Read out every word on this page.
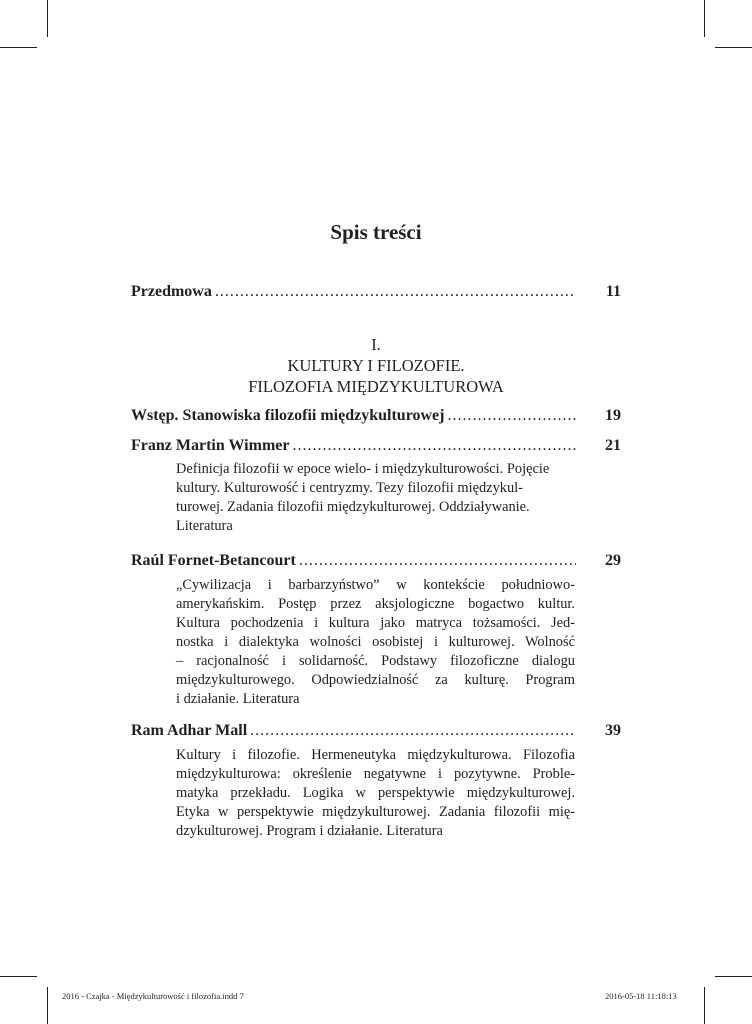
Spis treści
Przedmowa .....	11
I.
KULTURY I FILOZOFIE.
FILOZOFIA MIĘDZYKULTUROWA
Wstęp. Stanowiska filozofii międzykulturowej .....	19
Franz Martin Wimmer .....	21
Definicja filozofii w epoce wielo- i międzykulturowości. Pojęcie
kultury. Kulturowość i centryzmy. Tezy filozofii międzykul-
turowej. Zadania filozofii międzykulturowej. Oddziaływanie.
Literatura
Raúl Fornet-Betancourt .....	29
„Cywilizacja i barbarzyństwo” w kontekście południowo-
amerykańskim. Postęp przez aksjologiczne bogactwo kultur.
Kultura pochodzenia i kultura jako matryca tożsamości. Jed-
nostka i dialektyka wolności osobistej i kulturowej. Wolność
– racjonalność i solidarność. Podstawy filozoficzne dialogu
międzykulturowego. Odpowiedzialność za kulturę. Program
i działanie. Literatura
Ram Adhar Mall .....	39
Kultury i filozofie. Hermeneutyka międzykulturowa. Filozofia
międzykulturowa: określenie negatywne i pozytywne. Proble-
matyka przekładu. Logika w perspektywie międzykulturowej.
Etyka w perspektywie międzykulturowej. Zadania filozofii mię-
dzykulturowej. Program i działanie. Literatura
2016 - Czajka - Międzykulturowość i filozofia.indd 7	2016-05-18 11:18:13
